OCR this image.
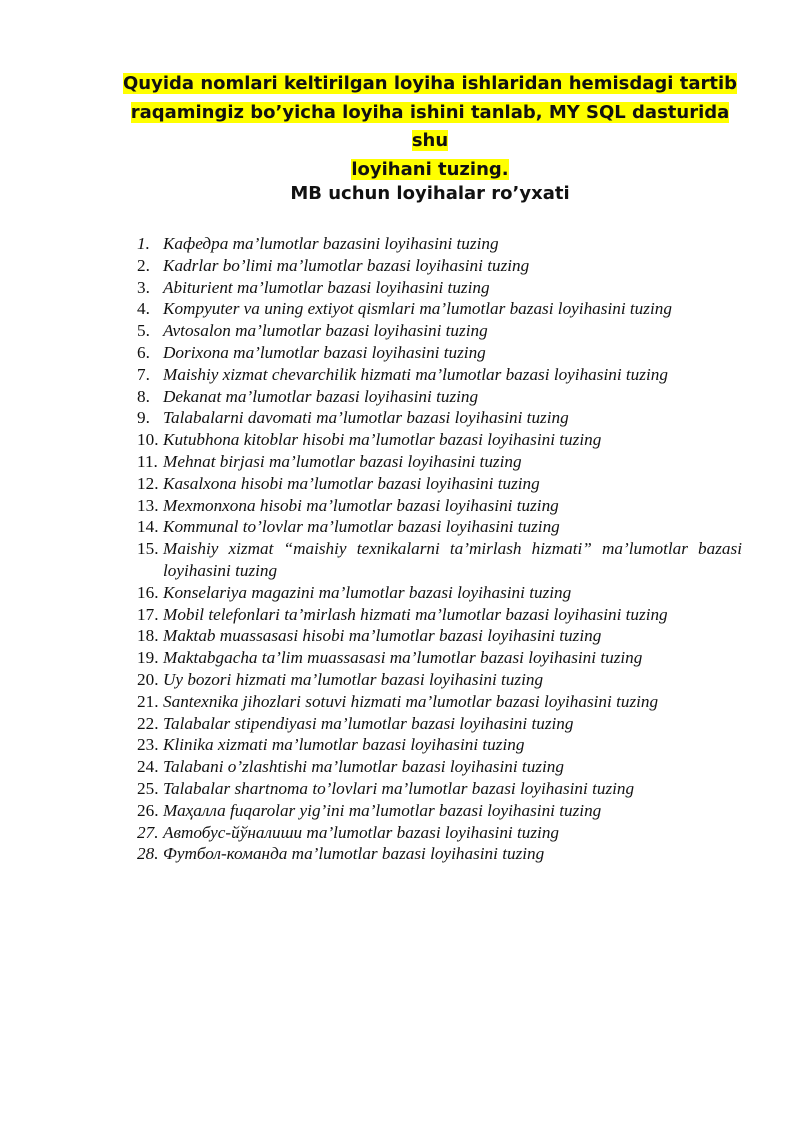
Quyida nomlari keltirilgan loyiha ishlaridan hemisdagi tartib
raqamingiz bo’yicha loyiha ishini tanlab, MY SQL dasturida shu
loyihani tuzing.
MB uchun loyihalar ro’yxati
1. Кафедра ma’lumotlar bazasini loyihasini tuzing
2. Kadrlar bo’limi ma’lumotlar bazasi loyihasini tuzing
3. Abiturient ma’lumotlar bazasi loyihasini tuzing
4. Kompyuter va uning extiyot qismlari ma’lumotlar bazasi loyihasini tuzing
5. Avtosalon ma’lumotlar bazasi loyihasini tuzing
6. Dorixona ma’lumotlar bazasi loyihasini tuzing
7. Maishiy xizmat chevarchilik hizmati ma’lumotlar bazasi loyihasini tuzing
8. Dekanat ma’lumotlar bazasi loyihasini tuzing
9. Talabalarni davomati ma’lumotlar bazasi loyihasini tuzing
10. Kutubhona kitoblar hisobi ma’lumotlar bazasi loyihasini tuzing
11. Mehnat birjasi ma’lumotlar bazasi loyihasini tuzing
12. Kasalxona hisobi ma’lumotlar bazasi loyihasini tuzing
13. Mexmonxona hisobi ma’lumotlar bazasi loyihasini tuzing
14. Kommunal to’lovlar ma’lumotlar bazasi loyihasini tuzing
15. Maishiy xizmat “maishiy texnikalarni ta’mirlash hizmati” ma’lumotlar bazasi loyihasini tuzing
16. Konselariya magazini ma’lumotlar bazasi loyihasini tuzing
17. Mobil telefonlari ta’mirlash hizmati ma’lumotlar bazasi loyihasini tuzing
18. Maktab muassasasi hisobi ma’lumotlar bazasi loyihasini tuzing
19. Maktabgacha ta’lim muassasasi ma’lumotlar bazasi loyihasini tuzing
20. Uy bozori hizmati ma’lumotlar bazasi loyihasini tuzing
21. Santexnika jihozlari sotuvi hizmati ma’lumotlar bazasi loyihasini tuzing
22. Talabalar stipendiyasi ma’lumotlar bazasi loyihasini tuzing
23. Klinika xizmati ma’lumotlar bazasi loyihasini tuzing
24. Talabani o’zlashtishi ma’lumotlar bazasi loyihasini tuzing
25. Talabalar shartnoma to’lovlari ma’lumotlar bazasi loyihasini tuzing
26. Маҳалла fuqarolar yig’ini ma’lumotlar bazasi loyihasini tuzing
27. Автобус-йўналиши ma’lumotlar bazasi loyihasini tuzing
28. Футбол-команда ma’lumotlar bazasi loyihasini tuzing
